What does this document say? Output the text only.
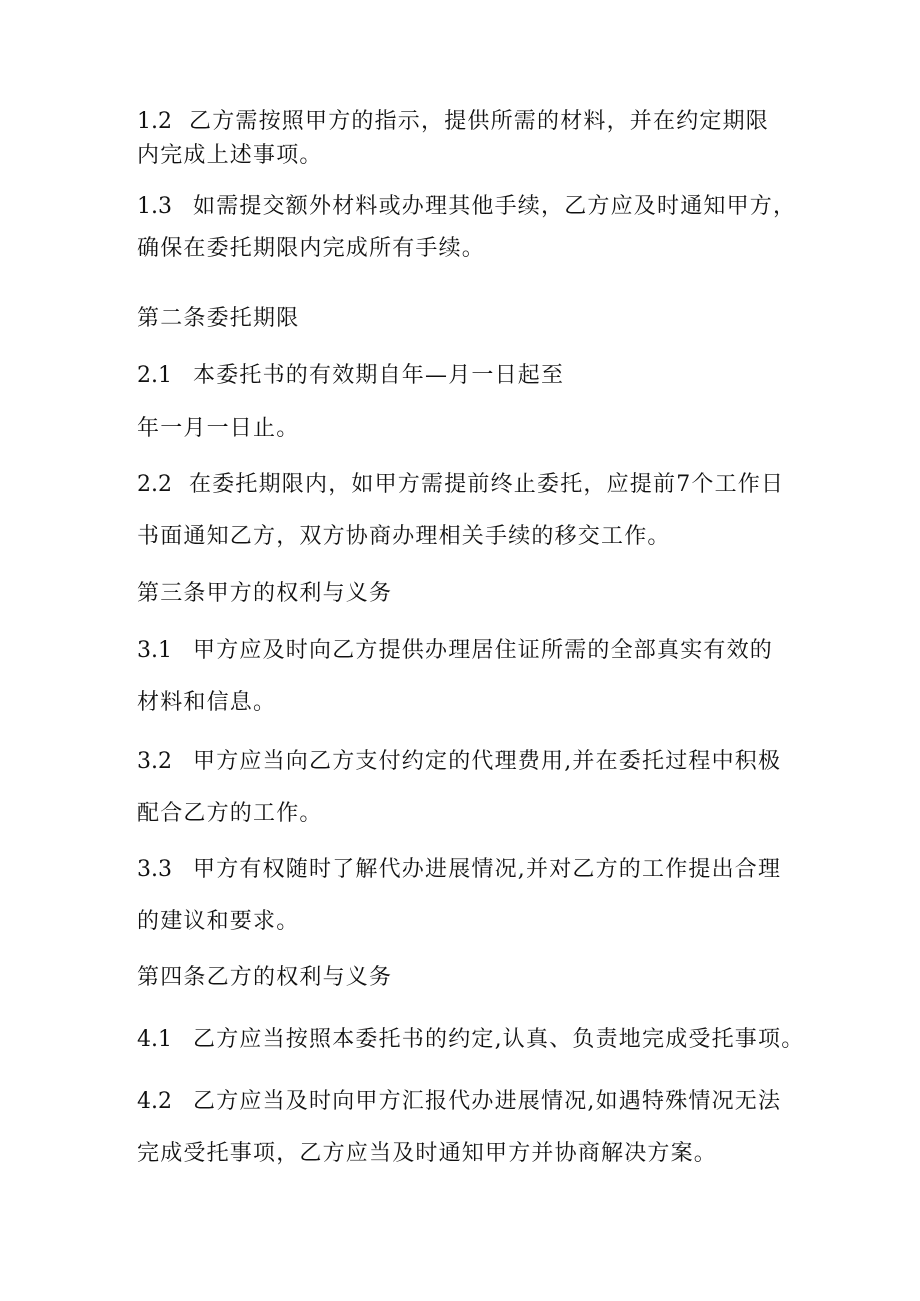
1.2 乙方需按照甲方的指示，提供所需的材料，并在约定期限
内完成上述事项。
1.3 如需提交额外材料或办理其他手续，乙方应及时通知甲方，
确保在委托期限内完成所有手续。
第二条委托期限
2.1 本委托书的有效期自年—月一日起至
年一月一日止。
2.2 在委托期限内，如甲方需提前终止委托，应提前7个工作日
书面通知乙方，双方协商办理相关手续的移交工作。
第三条甲方的权利与义务
3.1 甲方应及时向乙方提供办理居住证所需的全部真实有效的
材料和信息。
3.2 甲方应当向乙方支付约定的代理费用,并在委托过程中积极
配合乙方的工作。
3.3 甲方有权随时了解代办进展情况,并对乙方的工作提出合理
的建议和要求。
第四条乙方的权利与义务
4.1 乙方应当按照本委托书的约定,认真、负责地完成受托事项。
4.2 乙方应当及时向甲方汇报代办进展情况,如遇特殊情况无法
完成受托事项，乙方应当及时通知甲方并协商解决方案。
